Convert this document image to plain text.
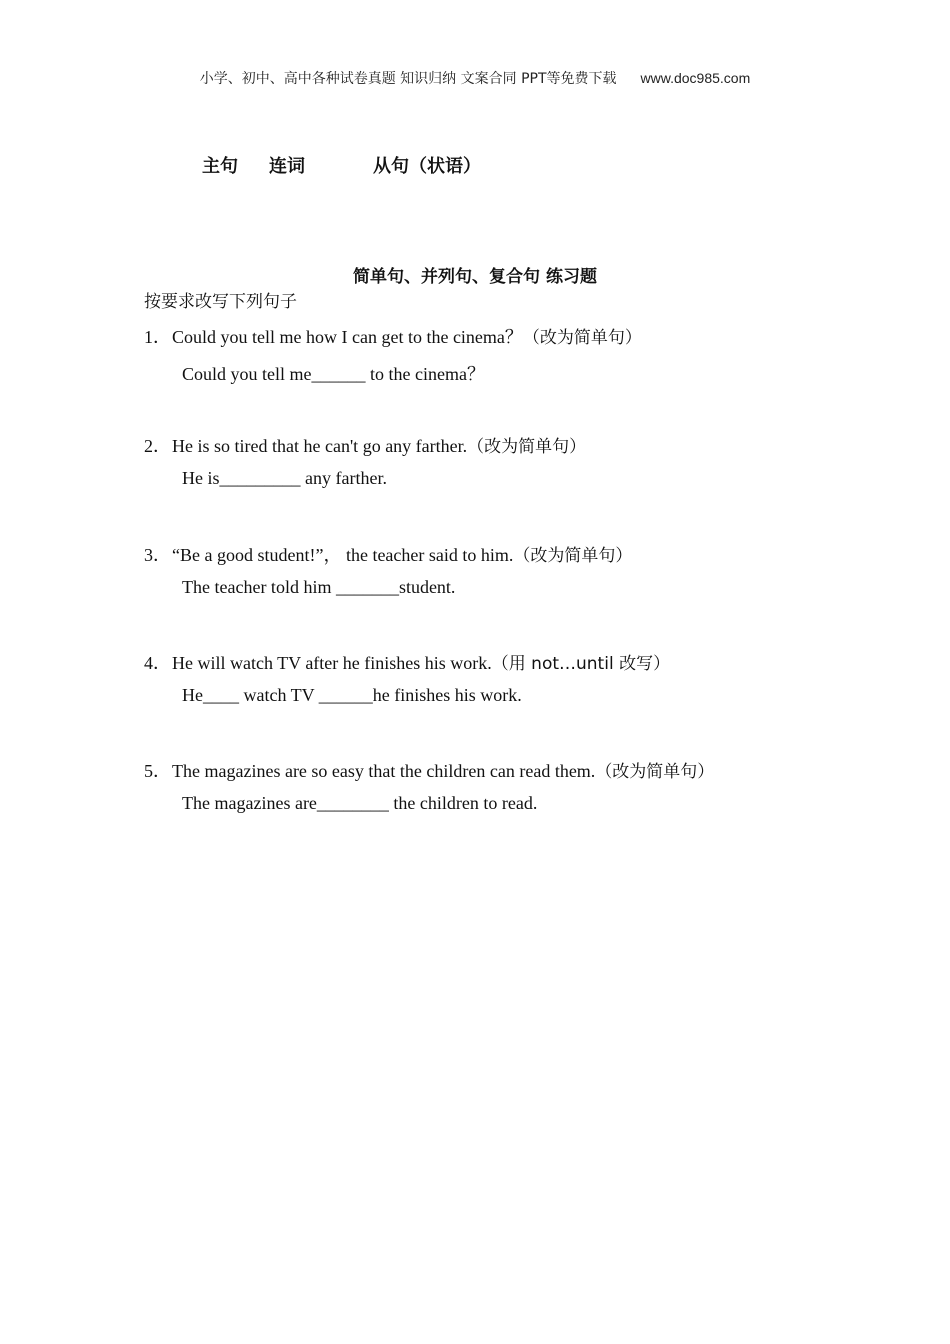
小学、初中、高中各种试卷真题 知识归纳 文案合同 PPT等免费下载 www.doc985.com
主句 连词	从句（状语）
简单句、并列句、复合句 练习题
按要求改写下列句子
1．Could you tell me how I can get to the cinema？（改为简单句）
Could you tell me______ to the cinema？
2．He is so tired that he can't go any farther.（改为简单句）
He is_________ any farther.
3．“Be a good student!”， the teacher said to him.（改为简单句）
The teacher told him _______student.
4．He will watch TV after he finishes his work.（用 not…until 改写）
He____ watch TV ______he finishes his work.
5．The magazines are so easy that the children can read them.（改为简单句）
The magazines are________ the children to read.
